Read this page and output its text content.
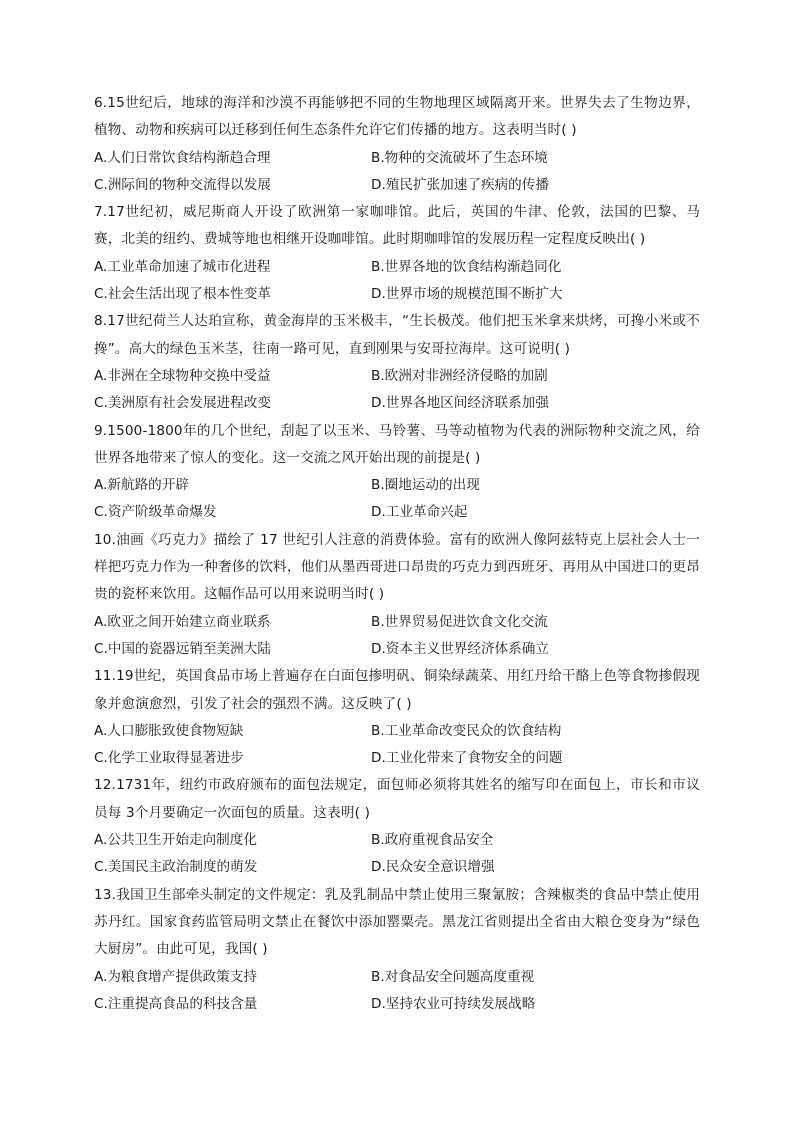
6.15世纪后，地球的海洋和沙漠不再能够把不同的生物地理区域隔离开来。世界失去了生物边界，植物、动物和疾病可以迁移到任何生态条件允许它们传播的地方。这表明当时( )

A.人们日常饮食结构渐趋合理	B.物种的交流破坏了生态环境
C.洲际间的物种交流得以发展	D.殖民扩张加速了疾病的传播

7.17世纪初，威尼斯商人开设了欧洲第一家咖啡馆。此后，英国的牛津、伦敦，法国的巴黎、马赛，北美的纽约、费城等地也相继开设咖啡馆。此时期咖啡馆的发展历程一定程度反映出( )

A.工业革命加速了城市化进程	B.世界各地的饮食结构渐趋同化
C.社会生活出现了根本性变革	D.世界市场的规模范围不断扩大

8.17世纪荷兰人达珀宣称，黄金海岸的玉米极丰，“生长极茂。他们把玉米拿来烘烤，可搀小米或不搀”。高大的绿色玉米茎，往南一路可见，直到刚果与安哥拉海岸。这可说明( )

A.非洲在全球物种交换中受益	B.欧洲对非洲经济侵略的加剧
C.美洲原有社会发展进程改变	D.世界各地区间经济联系加强

9.1500-1800年的几个世纪，刮起了以玉米、马铃薯、马等动植物为代表的洲际物种交流之风，给世界各地带来了惊人的变化。这一交流之风开始出现的前提是( )

A.新航路的开辟	B.圈地运动的出现
C.资产阶级革命爆发	D.工业革命兴起

10.油画《巧克力》描绘了 17 世纪引人注意的消费体验。富有的欧洲人像阿兹特克上层社会人士一样把巧克力作为一种奢侈的饮料，他们从墨西哥进口昂贵的巧克力到西班牙、再用从中国进口的更昂贵的瓷杯来饮用。这幅作品可以用来说明当时( )

A.欧亚之间开始建立商业联系	B.世界贸易促进饮食文化交流
C.中国的瓷器远销至美洲大陆	D.资本主义世界经济体系确立

11.19世纪，英国食品市场上普遍存在白面包掺明矾、铜染绿蔬菜、用红丹给干酪上色等食物掺假现象并愈演愈烈，引发了社会的强烈不满。这反映了( )

A.人口膨胀致使食物短缺	B.工业革命改变民众的饮食结构
C.化学工业取得显著进步	D.工业化带来了食物安全的问题

12.1731年，纽约市政府颁布的面包法规定，面包师必须将其姓名的缩写印在面包上，市长和市议员每 3个月要确定一次面包的质量。这表明( )

A.公共卫生开始走向制度化	B.政府重视食品安全
C.美国民主政治制度的萌发	D.民众安全意识增强

13.我国卫生部牵头制定的文件规定：乳及乳制品中禁止使用三聚氰胺；含辣椒类的食品中禁止使用苏丹红。国家食药监管局明文禁止在餐饮中添加罂粟壳。黑龙江省则提出全省由大粮仓变身为“绿色大厨房”。由此可见，我国( )

A.为粮食增产提供政策支持	B.对食品安全问题高度重视
C.注重提高食品的科技含量	D.坚持农业可持续发展战略
